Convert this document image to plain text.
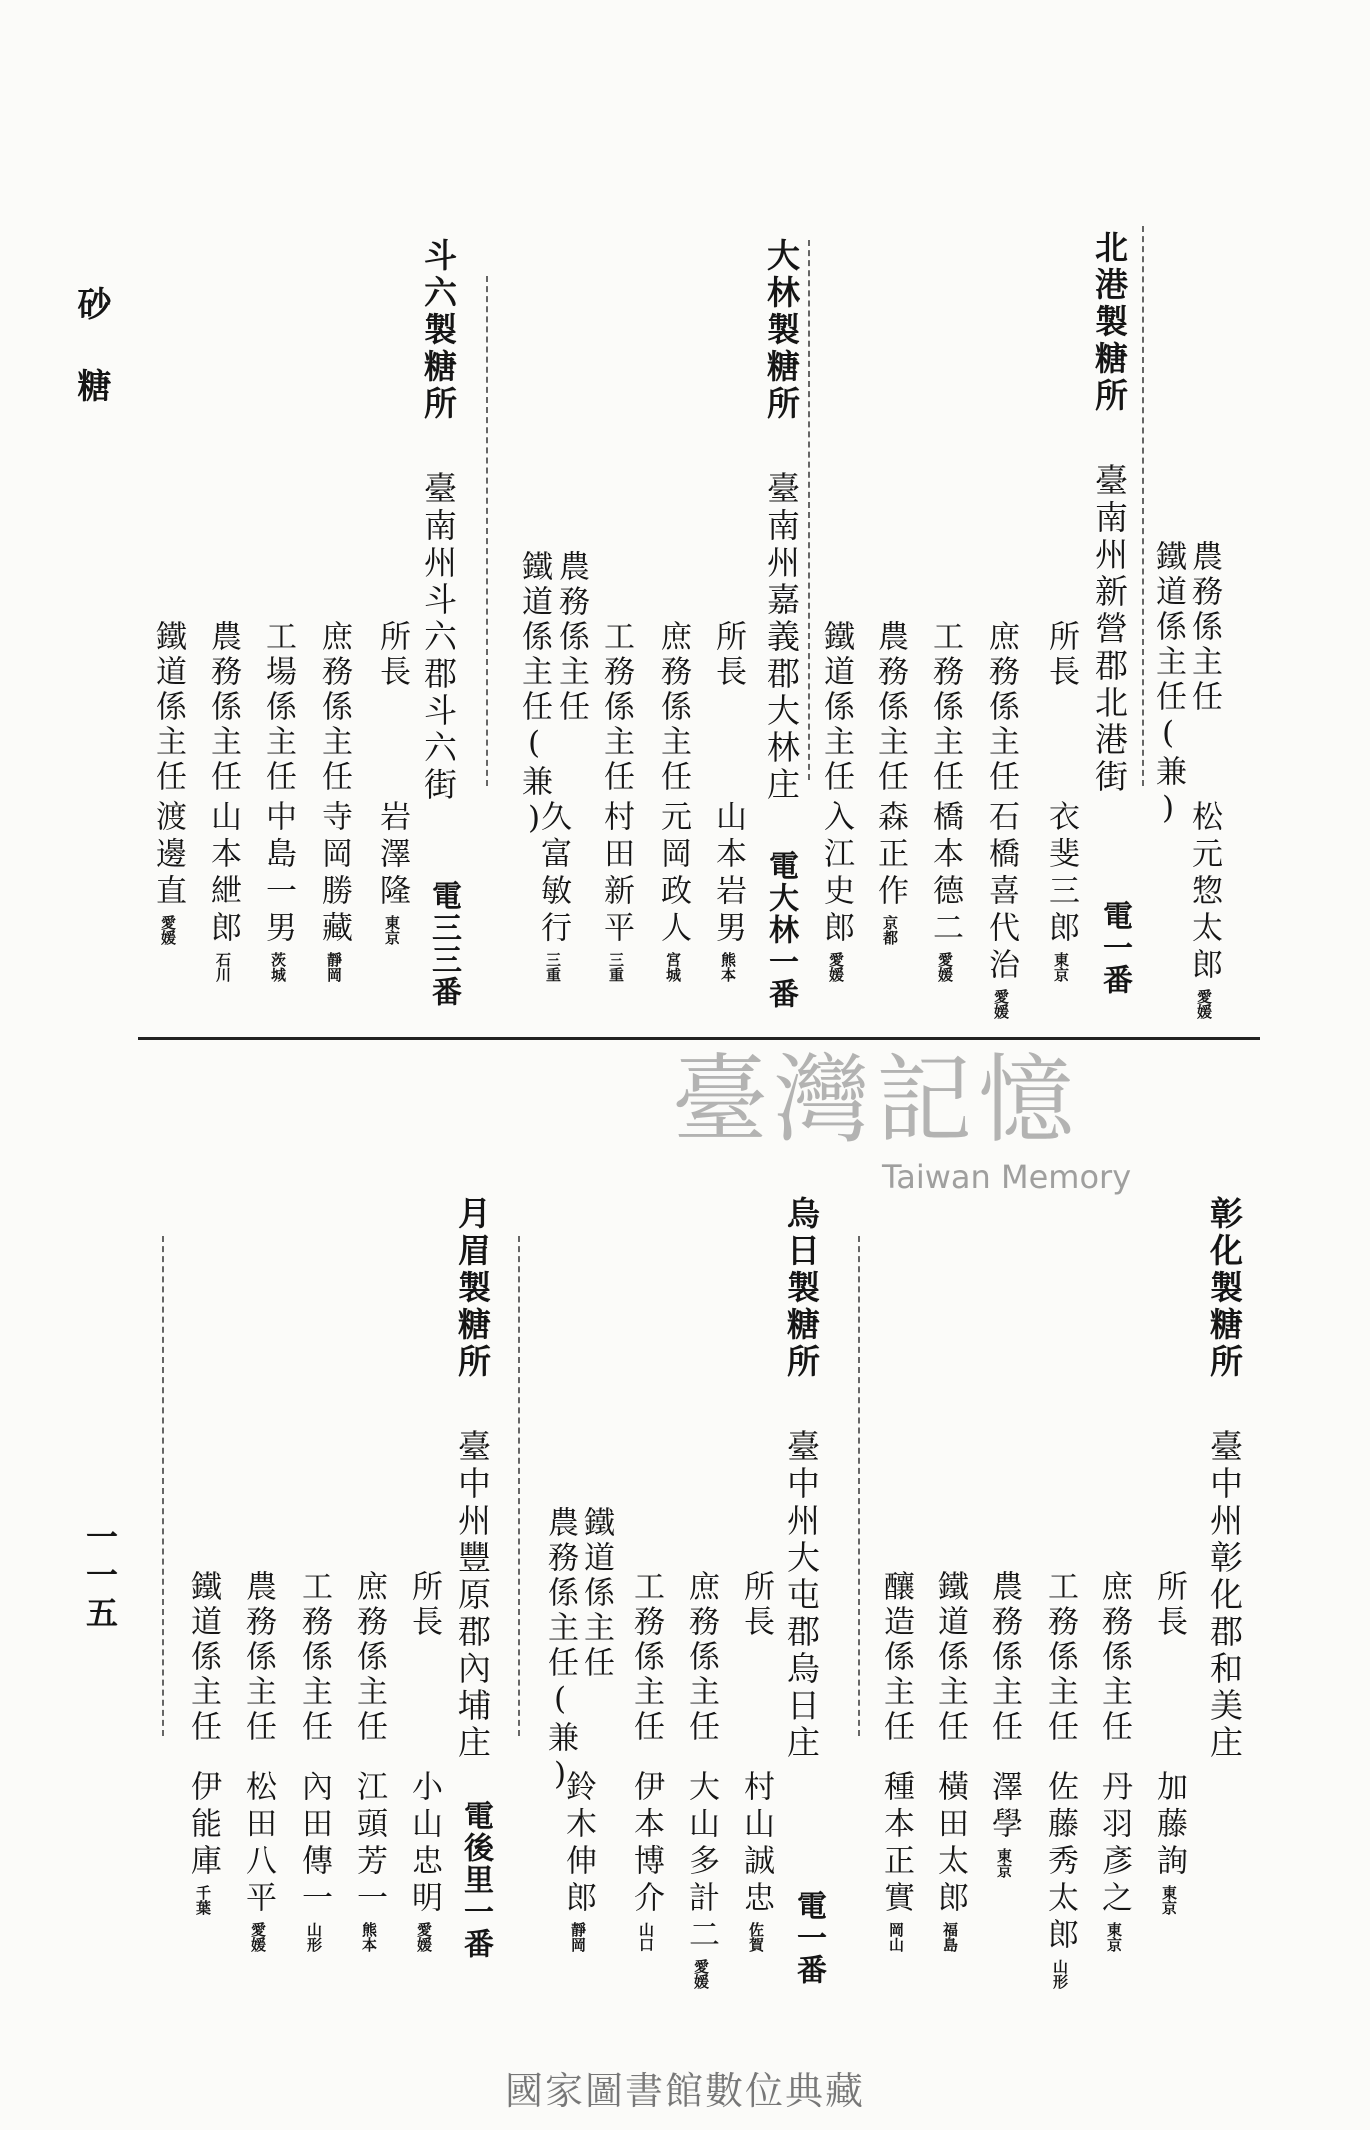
砂糖
一一五
農務係主任
松元惣太郎愛媛
鐵道係主任(兼)
北港製糖所臺南州新營郡北港街
電一番
所長
衣斐三郎東京
庶務係主任
石橋喜代治愛媛
工務係主任
橋本德二愛媛
農務係主任
森正作京都
鐵道係主任
入江史郎愛媛
大林製糖所臺南州嘉義郡大林庄
電大林一番
所長
山本岩男熊本
庶務係主任
元岡政人宮城
工務係主任
村田新平三重
農務係主任
久富敏行三重
鐵道係主任(兼)
斗六製糖所臺南州斗六郡斗六街
電三三番
所長
岩澤隆東京
庶務係主任
寺岡勝藏靜岡
工場係主任
中島一男茨城
農務係主任
山本紲郎石川
鐵道係主任
渡邊直愛媛
臺灣記憶
Taiwan Memory
彰化製糖所臺中州彰化郡和美庄
所長
加藤詢東京
庶務係主任
丹羽彥之東京
工務係主任
佐藤秀太郎山形
農務係主任
澤學東京
鐵道係主任
橫田太郎福島
釀造係主任
種本正實岡山
烏日製糖所臺中州大屯郡烏日庄
電一番
所長
村山誠忠佐賀
庶務係主任
大山多計二愛媛
工務係主任
伊本博介山口
鐵道係主任
鈴木伸郎靜岡
農務係主任(兼)
月眉製糖所臺中州豐原郡內埔庄
電後里一番
所長
小山忠明愛媛
庶務係主任
江頭芳一熊本
工務係主任
內田傳一山形
農務係主任
松田八平愛媛
鐵道係主任
伊能庫千葉
國家圖書館數位典藏
